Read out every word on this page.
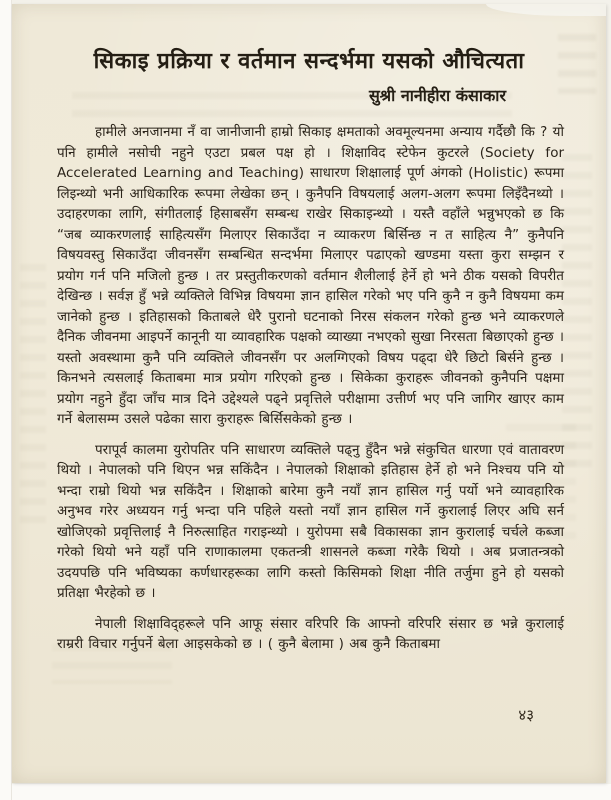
सिकाइ प्रक्रिया र वर्तमान सन्दर्भमा यसको औचित्यता
सुश्री नानीहीरा कंसाकार

हामीले अनजानमा नँ वा जानीजानी हाम्रो सिकाइ क्षमताको अवमूल्यनमा अन्याय गर्दैछौ कि ? यो पनि हामीले नसोची नहुने एउटा प्रबल पक्ष हो । शिक्षाविद स्टेफेन कुटरले (Society for Accelerated Learning and Teaching) साधारण शिक्षालाई पूर्ण अंगको (Holistic) रूपमा लिइन्थ्यो भनी आधिकारिक रूपमा लेखेका छन् । कुनैपनि विषयलाई अलग-अलग रूपमा लिइँदैनथ्यो । उदाहरणका लागि, संगीतलाई हिसाबसँग सम्बन्ध राखेर सिकाइन्थ्यो । यस्तै वहाँले भन्नुभएको छ कि “जब व्याकरणलाई साहित्यसँग मिलाएर सिकाउँदा न व्याकरण बिर्सिन्छ न त साहित्य नै” कुनैपनि विषयवस्तु सिकाउँदा जीवनसँग सम्बन्धित सन्दर्भमा मिलाएर पढाएको खण्डमा यस्ता कुरा सम्झन र प्रयोग गर्न पनि मजिलो हुन्छ । तर प्रस्तुतीकरणको वर्तमान शैलीलाई हेर्ने हो भने ठीक यसको विपरीत देखिन्छ । सर्वज्ञ हुँ भन्ने व्यक्तिले विभिन्न विषयमा ज्ञान हासिल गरेको भए पनि कुनै न कुनै विषयमा कम जानेको हुन्छ । इतिहासको किताबले धेरै पुरानो घटनाको निरस संकलन गरेको हुन्छ भने व्याकरणले दैनिक जीवनमा आइपर्ने कानूनी या व्यावहारिक पक्षको व्याख्या नभएको सुखा निरसता बिछाएको हुन्छ । यस्तो अवस्थामा कुनै पनि व्यक्तिले जीवनसँग पर अलग्गिएको विषय पढ्दा धेरै छिटो बिर्सने हुन्छ । किनभने त्यसलाई किताबमा मात्र प्रयोग गरिएको हुन्छ । सिकेका कुराहरू जीवनको कुनैपनि पक्षमा प्रयोग नहुने हुँदा जाँच मात्र दिने उद्देश्यले पढ्ने प्रवृत्तिले परीक्षामा उत्तीर्ण भए पनि जागिर खाएर काम गर्ने बेलासम्म उसले पढेका सारा कुराहरू बिर्सिसकेको हुन्छ ।

परापूर्व कालमा युरोपतिर पनि साधारण व्यक्तिले पढ्नु हुँदैन भन्ने संकुचित धारणा एवं वातावरण थियो । नेपालको पनि थिएन भन्न सकिंदैन । नेपालको शिक्षाको इतिहास हेर्ने हो भने निश्चय पनि यो भन्दा राम्रो थियो भन्न सकिंदैन । शिक्षाको बारेमा कुनै नयाँ ज्ञान हासिल गर्नु पर्यो भने व्यावहारिक अनुभव गरेर अध्ययन गर्नु भन्दा पनि पहिले यस्तो नयाँ ज्ञान हासिल गर्ने कुरालाई लिएर अघि सर्न खोजिएको प्रवृत्तिलाई नै निरुत्साहित गराइन्थ्यो । युरोपमा सबै विकासका ज्ञान कुरालाई चर्चले कब्जा गरेको थियो भने यहाँ पनि राणाकालमा एकतन्त्री शासनले कब्जा गरेकै थियो । अब प्रजातन्त्रको उदयपछि पनि भविष्यका कर्णधारहरूका लागि कस्तो किसिमको शिक्षा नीति तर्जुमा हुने हो यसको प्रतिक्षा भैरहेको छ ।

नेपाली शिक्षाविद्हरूले पनि आफू संसार वरिपरि कि आफ्नो वरिपरि संसार छ भन्ने कुरालाई राम्ररी विचार गर्नुपर्ने बेला आइसकेको छ । ( कुनै बेलामा ) अब कुनै किताबमा

४३
